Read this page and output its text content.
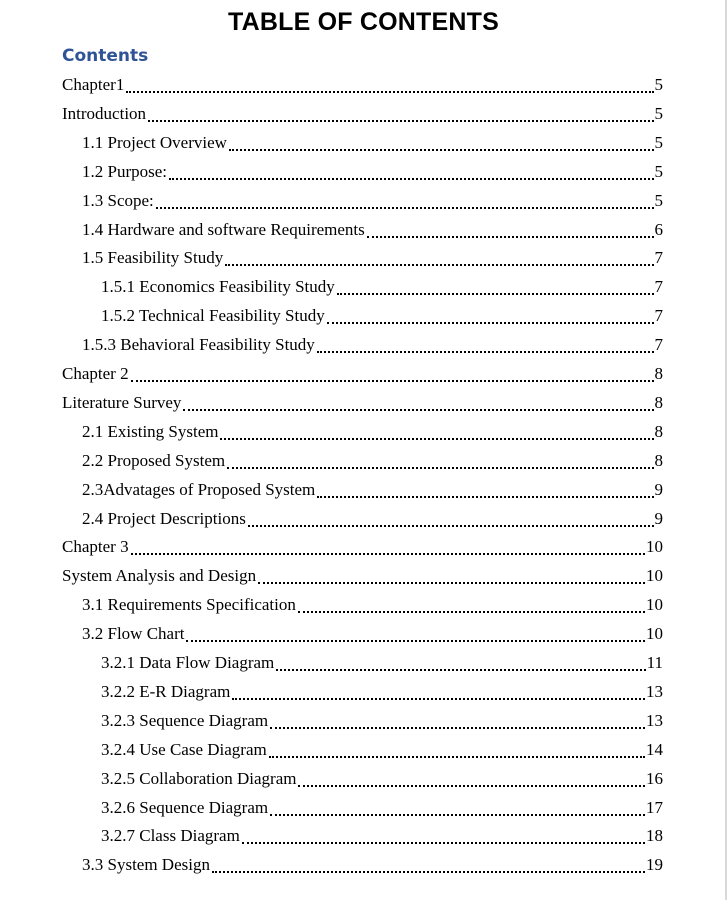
TABLE OF CONTENTS
Contents
Chapter1	5
Introduction	5
1.1 Project Overview	5
1.2 Purpose:	5
1.3 Scope:	5
1.4 Hardware and software Requirements	6
1.5 Feasibility Study	7
1.5.1 Economics Feasibility Study	7
1.5.2 Technical Feasibility Study	7
1.5.3 Behavioral Feasibility Study	7
Chapter 2	8
Literature Survey	8
2.1 Existing System	8
2.2 Proposed System	8
2.3Advatages of Proposed System	9
2.4 Project Descriptions	9
Chapter 3	10
System Analysis and Design	10
3.1 Requirements Specification	10
3.2 Flow Chart	10
3.2.1 Data Flow Diagram	11
3.2.2 E-R Diagram	13
3.2.3 Sequence Diagram	13
3.2.4 Use Case Diagram	14
3.2.5 Collaboration Diagram	16
3.2.6 Sequence Diagram	17
3.2.7 Class Diagram	18
3.3 System Design	19
